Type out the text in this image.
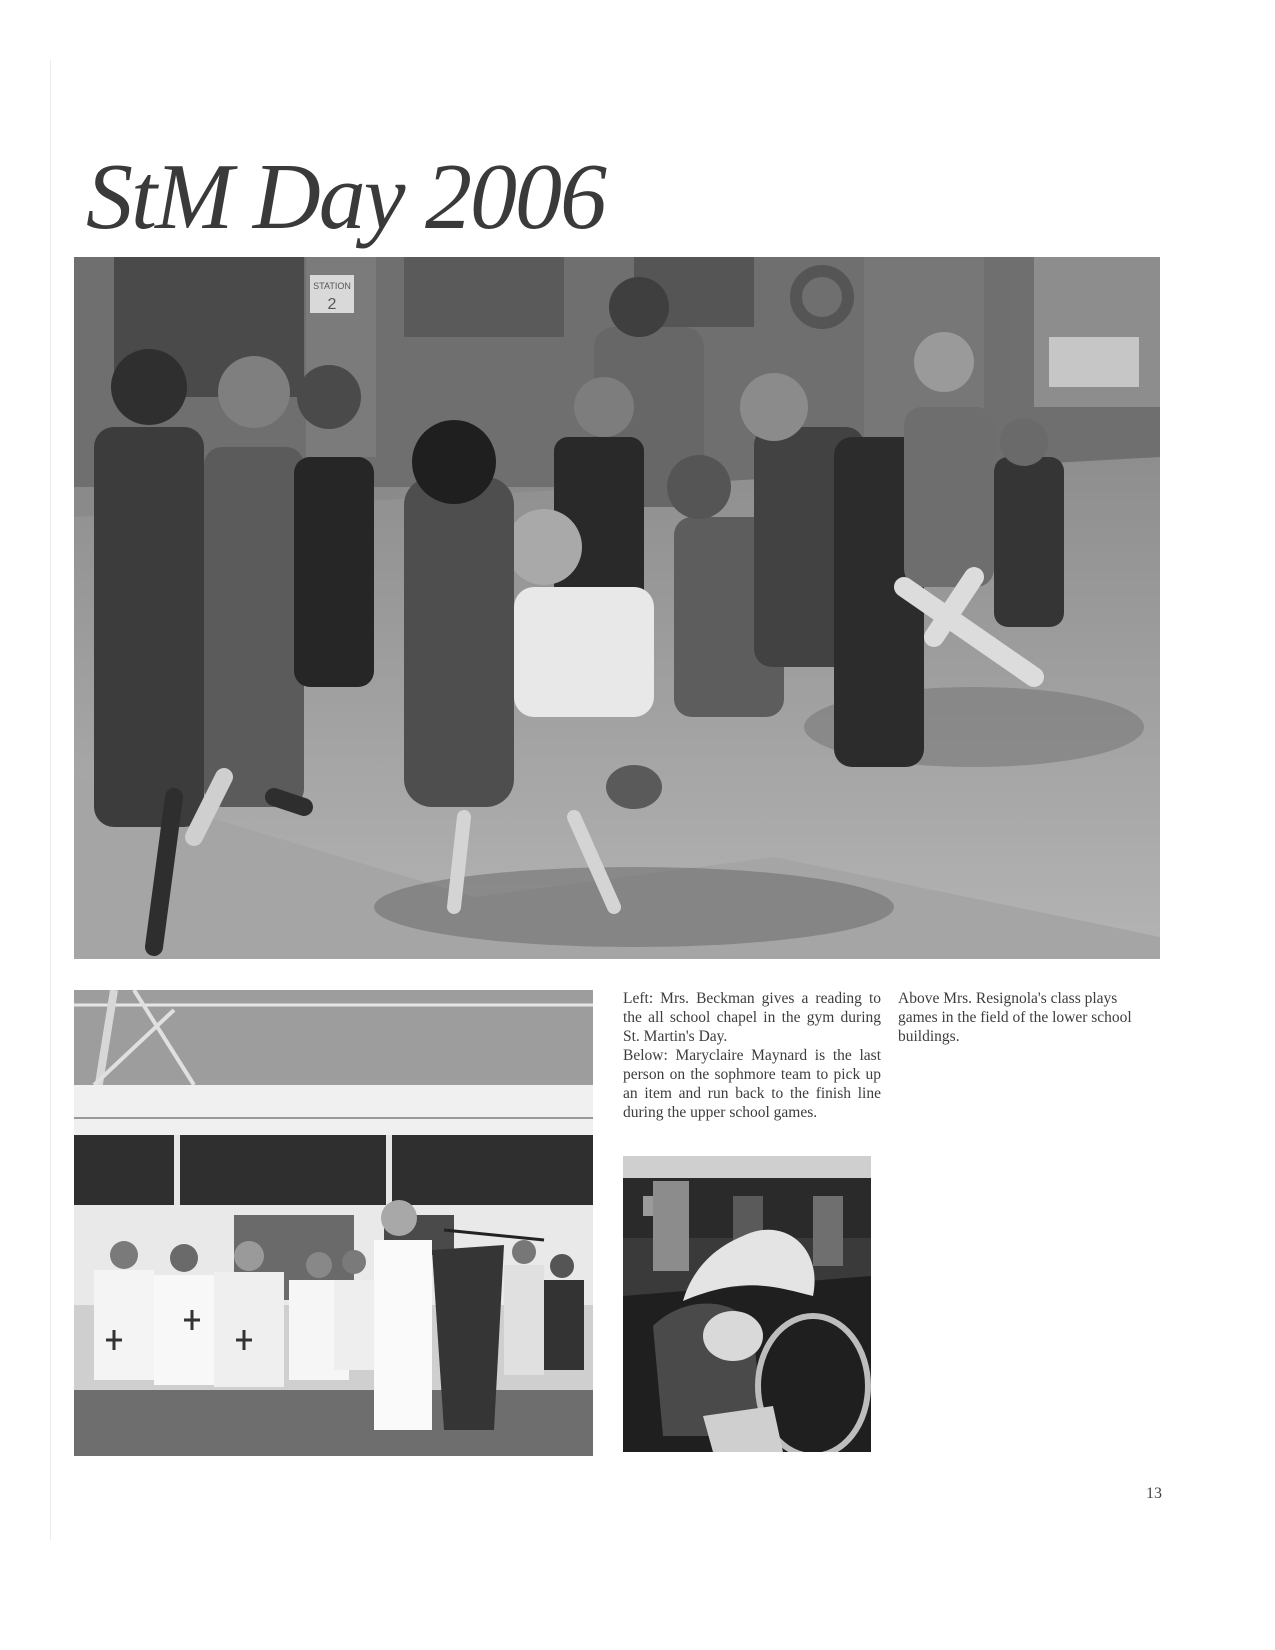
StM Day 2006
STATION
2

Left: Mrs. Beckman gives a reading to the all school chapel in the gym during St. Martin's Day.

Below: Maryclaire Maynard is the last person on the sophmore team to pick up an item and run back to the finish line during the upper school games.

Above Mrs. Resignola's class plays games in the field of the lower school buildings.

13
